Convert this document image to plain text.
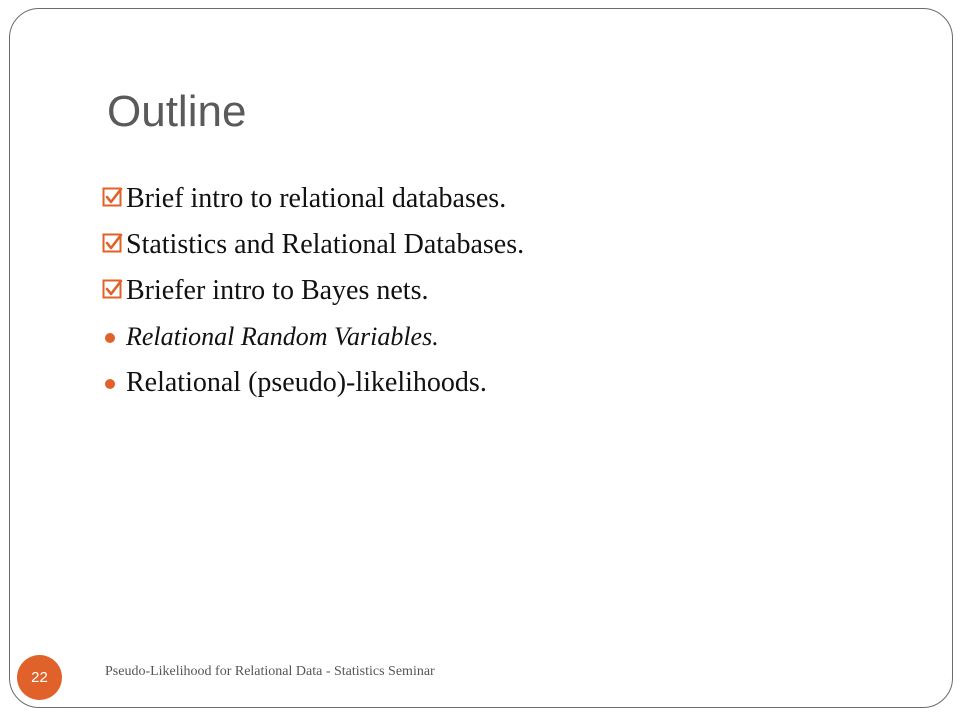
Outline
Brief intro to relational databases.
Statistics and Relational Databases.
Briefer intro to Bayes nets.
Relational Random Variables.
Relational (pseudo)-likelihoods.
22	Pseudo-Likelihood for Relational Data - Statistics Seminar
